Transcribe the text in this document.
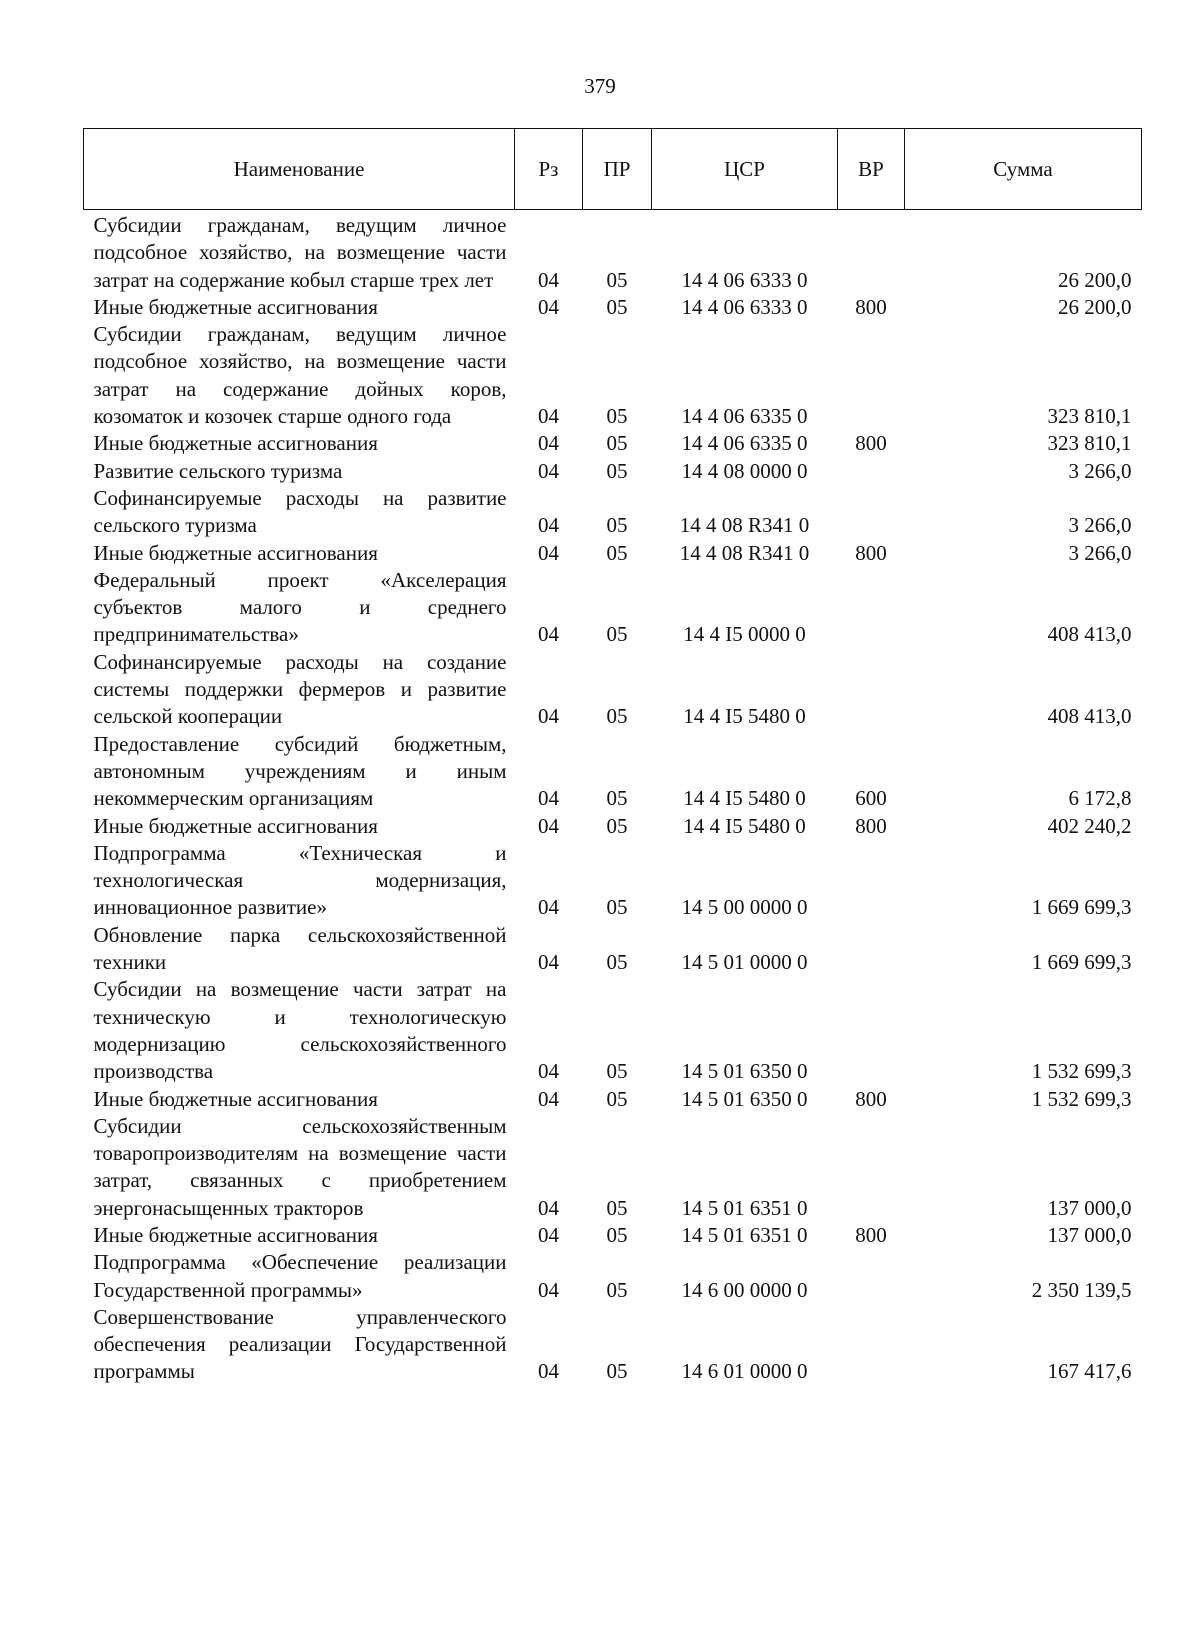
379
Наименование	Рз	ПР	ЦСР	ВР	Сумма
Субсидии гражданам, ведущим личное подсобное хозяйство, на возмещение части затрат на содержание кобыл старше трех лет	04	05	14 4 06 6333 0		26 200,0
Иные бюджетные ассигнования	04	05	14 4 06 6333 0	800	26 200,0
Субсидии гражданам, ведущим личное подсобное хозяйство, на возмещение части затрат на содержание дойных коров, козоматок и козочек старше одного года	04	05	14 4 06 6335 0		323 810,1
Иные бюджетные ассигнования	04	05	14 4 06 6335 0	800	323 810,1
Развитие сельского туризма	04	05	14 4 08 0000 0		3 266,0
Софинансируемые расходы на развитие сельского туризма	04	05	14 4 08 R341 0		3 266,0
Иные бюджетные ассигнования	04	05	14 4 08 R341 0	800	3 266,0
Федеральный проект «Акселерация субъектов малого и среднего предпринимательства»	04	05	14 4 I5 0000 0		408 413,0
Софинансируемые расходы на создание системы поддержки фермеров и развитие сельской кооперации	04	05	14 4 I5 5480 0		408 413,0
Предоставление субсидий бюджетным, автономным учреждениям и иным некоммерческим организациям	04	05	14 4 I5 5480 0	600	6 172,8
Иные бюджетные ассигнования	04	05	14 4 I5 5480 0	800	402 240,2
Подпрограмма «Техническая и технологическая модернизация, инновационное развитие»	04	05	14 5 00 0000 0		1 669 699,3
Обновление парка сельскохозяйственной техники	04	05	14 5 01 0000 0		1 669 699,3
Субсидии на возмещение части затрат на техническую и технологическую модернизацию сельскохозяйственного производства	04	05	14 5 01 6350 0		1 532 699,3
Иные бюджетные ассигнования	04	05	14 5 01 6350 0	800	1 532 699,3
Субсидии сельскохозяйственным товаропроизводителям на возмещение части затрат, связанных с приобретением энергонасыщенных тракторов	04	05	14 5 01 6351 0		137 000,0
Иные бюджетные ассигнования	04	05	14 5 01 6351 0	800	137 000,0
Подпрограмма «Обеспечение реализации Государственной программы»	04	05	14 6 00 0000 0		2 350 139,5
Совершенствование управленческого обеспечения реализации Государственной программы	04	05	14 6 01 0000 0		167 417,6
